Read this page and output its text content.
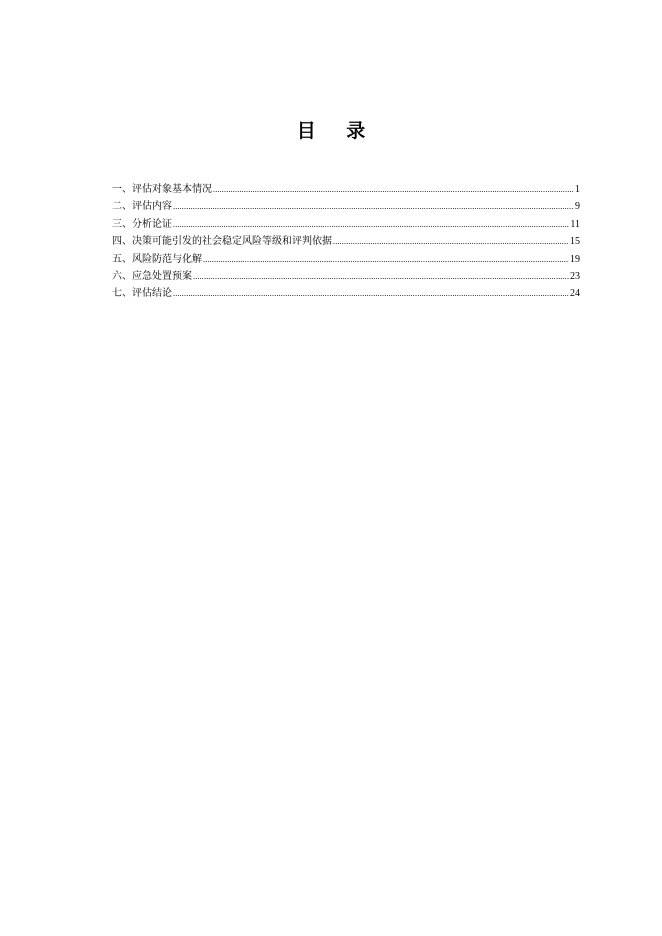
目 录
一、评估对象基本情况 .....	1
二、评估内容 .....	9
三、分析论证 .....	11
四、决策可能引发的社会稳定风险等级和评判依据 .....	15
五、风险防范与化解 .....	19
六、应急处置预案 .....	23
七、评估结论 .....	24
